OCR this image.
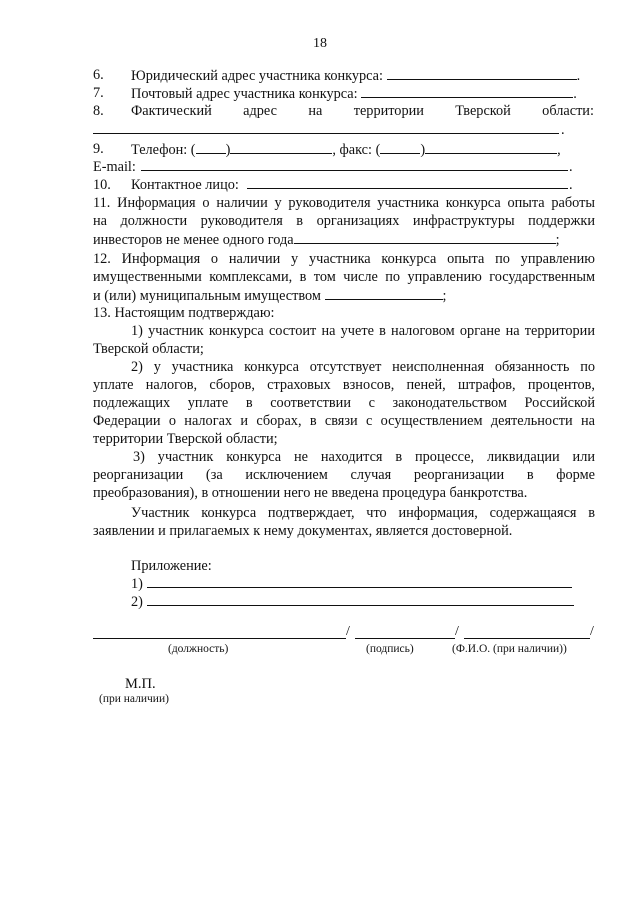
18
6. Юридический адрес участника конкурса:	.
7. Почтовый адрес участника конкурса:	.
8. Фактический адрес на территории Тверской области:
.
9. Телефон: ( )	, факс: (	)	,
E-mail:	.
10. Контактное лицо:	.
11. Информация о наличии у руководителя участника конкурса опыта работы
на должности руководителя в организациях инфраструктуры поддержки
инвесторов не менее одного года	;
12. Информация о наличии у участника конкурса опыта по управлению
имущественными комплексами, в том числе по управлению государственным
и (или) муниципальным имуществом	;
13. Настоящим подтверждаю:
1) участник конкурса состоит на учете в налоговом органе на территории
Тверской области;
2) у участника конкурса отсутствует неисполненная обязанность по
уплате налогов, сборов, страховых взносов, пеней, штрафов, процентов,
подлежащих уплате в соответствии с законодательством Российской
Федерации о налогах и сборах, в связи с осуществлением деятельности на
территории Тверской области;
3) участник конкурса не находится в процессе, ликвидации или
реорганизации (за исключением случая реорганизации в форме
преобразования), в отношении него не введена процедура банкротства.
Участник конкурса подтверждает, что информация, содержащаяся в
заявлении и прилагаемых к нему документах, является достоверной.
Приложение:
1)
2)
/	/	/
(должность)	(подпись)	(Ф.И.О. (при наличии))
М.П.
(при наличии)
